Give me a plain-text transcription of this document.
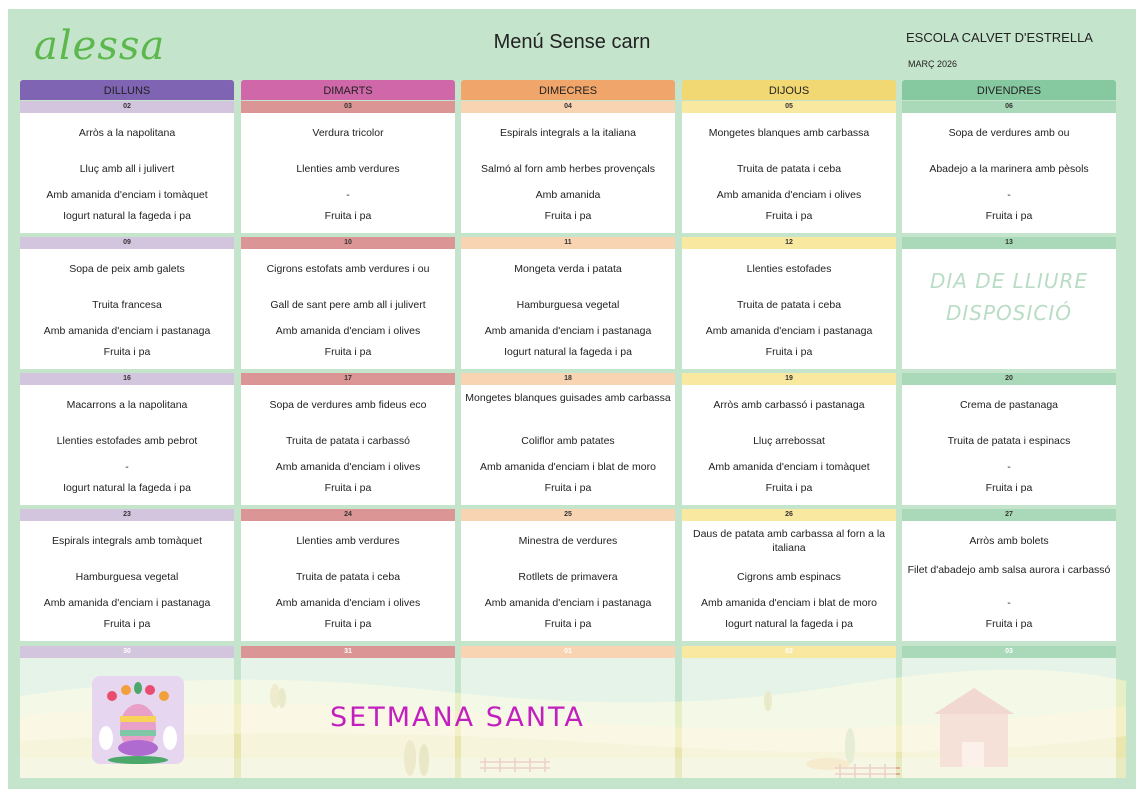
alessa	Menú Sense carn	ESCOLA CALVET D'ESTRELLA
MARÇ 2026
DILLUNS	DIMARTS	DIMECRES	DIJOUS	DIVENDRES
02
Arròs a la napolitana
Lluç amb all i julivert
Amb amanida d'enciam i tomàquet
Iogurt natural la fageda i pa
03
Verdura tricolor
Llenties amb verdures
-
Fruita i pa
04
Espirals integrals a la italiana
Salmó al forn amb herbes provençals
Amb amanida
Fruita i pa
05
Mongetes blanques amb carbassa
Truita de patata i ceba
Amb amanida d'enciam i olives
Fruita i pa
06
Sopa de verdures amb ou
Abadejo a la marinera amb pèsols
-
Fruita i pa
09
Sopa de peix amb galets
Truita francesa
Amb amanida d'enciam i pastanaga
Fruita i pa
10
Cigrons estofats amb verdures i ou
Gall de sant pere amb all i julivert
Amb amanida d'enciam i olives
Fruita i pa
11
Mongeta verda i patata
Hamburguesa vegetal
Amb amanida d'enciam i pastanaga
Iogurt natural la fageda i pa
12
Llenties estofades
Truita de patata i ceba
Amb amanida d'enciam i pastanaga
Fruita i pa
13
DIA DE LLIURE
DISPOSICIÓ
16
Macarrons a la napolitana
Llenties estofades amb pebrot
-
Iogurt natural la fageda i pa
17
Sopa de verdures amb fideus eco
Truita de patata i carbassó
Amb amanida d'enciam i olives
Fruita i pa
18
Mongetes blanques guisades amb carbassa
Coliflor amb patates
Amb amanida d'enciam i blat de moro
Fruita i pa
19
Arròs amb carbassó i pastanaga
Lluç arrebossat
Amb amanida d'enciam i tomàquet
Fruita i pa
20
Crema de pastanaga
Truita de patata i espinacs
-
Fruita i pa
23
Espirals integrals amb tomàquet
Hamburguesa vegetal
Amb amanida d'enciam i pastanaga
Fruita i pa
24
Llenties amb verdures
Truita de patata i ceba
Amb amanida d'enciam i olives
Fruita i pa
25
Minestra de verdures
Rotllets de primavera
Amb amanida d'enciam i pastanaga
Fruita i pa
26
Daus de patata amb carbassa al forn a la italiana
Cigrons amb espinacs
Amb amanida d'enciam i blat de moro
Iogurt natural la fageda i pa
27
Arròs amb bolets
Filet d'abadejo amb salsa aurora i carbassó
-
Fruita i pa
30	31	01	02	03
SETMANA SANTA
